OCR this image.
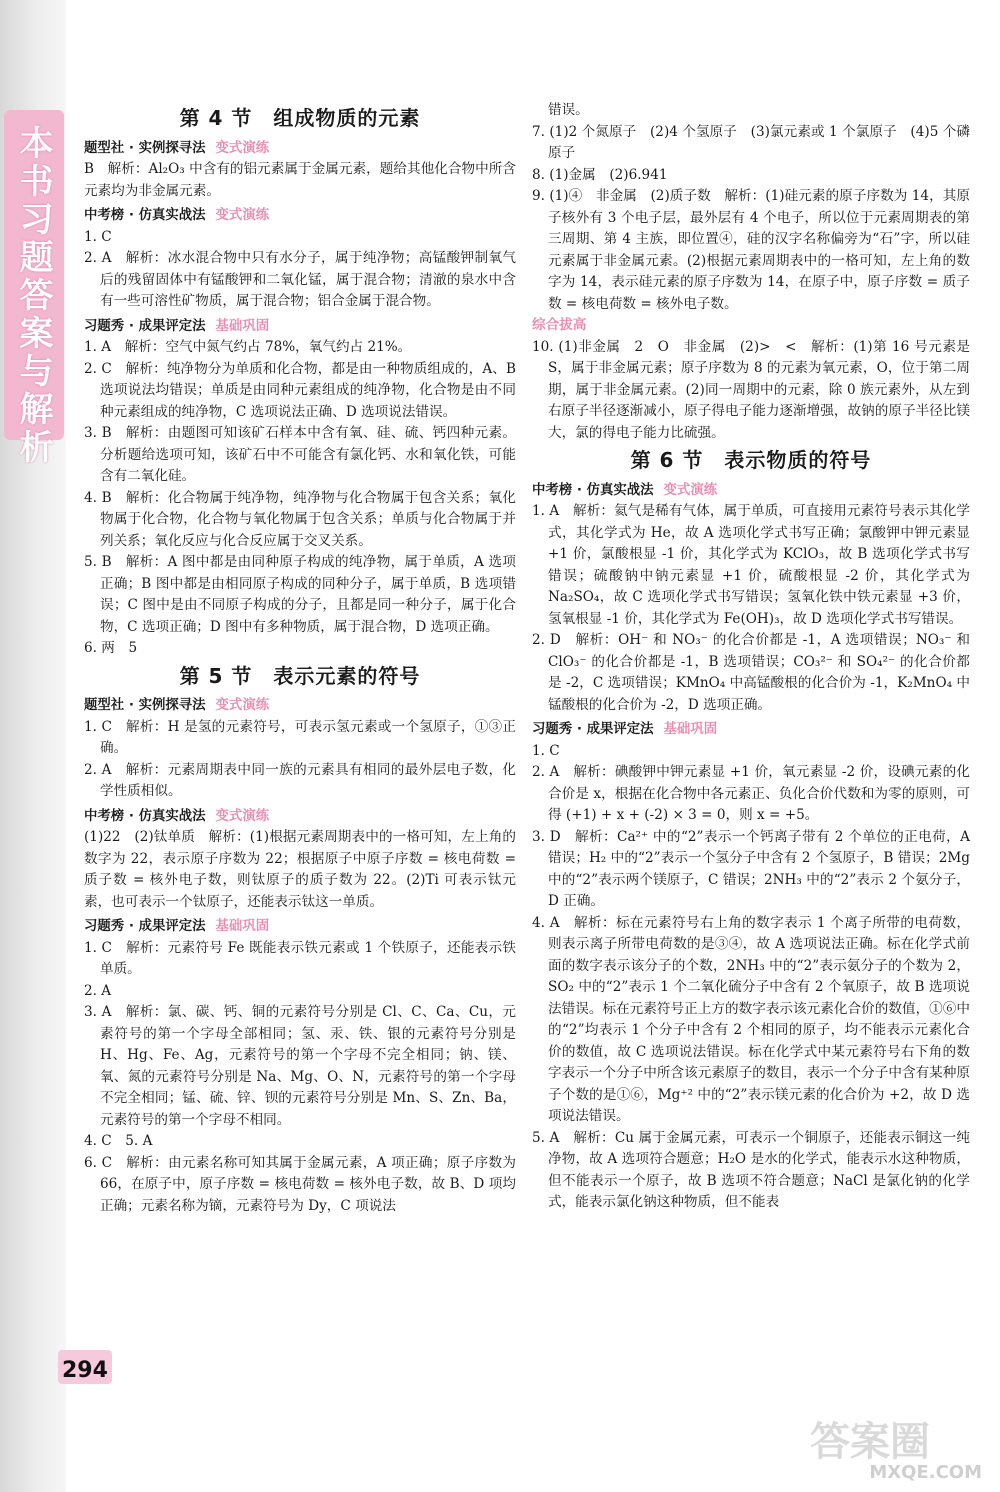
本书习题答案与解析
294
第 4 节　组成物质的元素
题型社 · 实例探寻法 变式演练

B　解析：Al₂O₃ 中含有的铝元素属于金属元素，题给其他化合物中所含元素均为非金属元素。

中考榜 · 仿真实战法 变式演练

1. C

2. A　解析：冰水混合物中只有水分子，属于纯净物；高锰酸钾制氧气后的残留固体中有锰酸钾和二氧化锰，属于混合物；清澈的泉水中含有一些可溶性矿物质，属于混合物；铝合金属于混合物。

习题秀 · 成果评定法 基础巩固

1. A　解析：空气中氮气约占 78%，氧气约占 21%。

2. C　解析：纯净物分为单质和化合物，都是由一种物质组成的，A、B 选项说法均错误；单质是由同种元素组成的纯净物，化合物是由不同种元素组成的纯净物，C 选项说法正确、D 选项说法错误。

3. B　解析：由题图可知该矿石样本中含有氧、硅、硫、钙四种元素。分析题给选项可知，该矿石中不可能含有氯化钙、水和氧化铁，可能含有二氧化硅。

4. B　解析：化合物属于纯净物，纯净物与化合物属于包含关系；氧化物属于化合物，化合物与氧化物属于包含关系；单质与化合物属于并列关系；氧化反应与化合反应属于交叉关系。

5. B　解析：A 图中都是由同种原子构成的纯净物，属于单质，A 选项正确；B 图中都是由相同原子构成的同种分子，属于单质，B 选项错误；C 图中是由不同原子构成的分子，且都是同一种分子，属于化合物，C 选项正确；D 图中有多种物质，属于混合物，D 选项正确。

6. 两　5

第 5 节　表示元素的符号
题型社 · 实例探寻法 变式演练

1. C　解析：H 是氢的元素符号，可表示氢元素或一个氢原子，①③正确。

2. A　解析：元素周期表中同一族的元素具有相同的最外层电子数，化学性质相似。

中考榜 · 仿真实战法 变式演练

(1)22　(2)钛单质　解析：(1)根据元素周期表中的一格可知，左上角的数字为 22，表示原子序数为 22；根据原子中原子序数 = 核电荷数 = 质子数 = 核外电子数，则钛原子的质子数为 22。(2)Ti 可表示钛元素，也可表示一个钛原子，还能表示钛这一单质。

习题秀 · 成果评定法 基础巩固

1. C　解析：元素符号 Fe 既能表示铁元素或 1 个铁原子，还能表示铁单质。

2. A

3. A　解析：氯、碳、钙、铜的元素符号分别是 Cl、C、Ca、Cu，元素符号的第一个字母全部相同；氢、汞、铁、银的元素符号分别是 H、Hg、Fe、Ag，元素符号的第一个字母不完全相同；钠、镁、氧、氮的元素符号分别是 Na、Mg、O、N，元素符号的第一个字母不完全相同；锰、硫、锌、钡的元素符号分别是 Mn、S、Zn、Ba，元素符号的第一个字母不相同。

4. C　5. A

6. C　解析：由元素名称可知其属于金属元素，A 项正确；原子序数为 66，在原子中，原子序数 = 核电荷数 = 核外电子数，故 B、D 项均正确；元素名称为镝，元素符号为 Dy，C 项说法

错误。

7. (1)2 个氮原子　(2)4 个氢原子　(3)氯元素或 1 个氯原子　(4)5 个磷原子

8. (1)金属　(2)6.941

9. (1)④　非金属　(2)质子数　解析：(1)硅元素的原子序数为 14，其原子核外有 3 个电子层，最外层有 4 个电子，所以位于元素周期表的第三周期、第 4 主族，即位置④，硅的汉字名称偏旁为“石”字，所以硅元素属于非金属元素。(2)根据元素周期表中的一格可知，左上角的数字为 14，表示硅元素的原子序数为 14，在原子中，原子序数 = 质子数 = 核电荷数 = 核外电子数。

综合拔高

10. (1)非金属　2　O　非金属　(2)>　<　解析：(1)第 16 号元素是 S，属于非金属元素；原子序数为 8 的元素为氧元素，O，位于第二周期，属于非金属元素。(2)同一周期中的元素，除 0 族元素外，从左到右原子半径逐渐减小，原子得电子能力逐渐增强，故钠的原子半径比镁大，氯的得电子能力比硫强。

第 6 节　表示物质的符号
中考榜 · 仿真实战法 变式演练

1. A　解析：氦气是稀有气体，属于单质，可直接用元素符号表示其化学式，其化学式为 He，故 A 选项化学式书写正确；氯酸钾中钾元素显 +1 价，氯酸根显 -1 价，其化学式为 KClO₃，故 B 选项化学式书写错误；硫酸钠中钠元素显 +1 价，硫酸根显 -2 价，其化学式为 Na₂SO₄，故 C 选项化学式书写错误；氢氧化铁中铁元素显 +3 价，氢氧根显 -1 价，其化学式为 Fe(OH)₃，故 D 选项化学式书写错误。

2. D　解析：OH⁻ 和 NO₃⁻ 的化合价都是 -1，A 选项错误；NO₃⁻ 和 ClO₃⁻ 的化合价都是 -1，B 选项错误；CO₃²⁻ 和 SO₄²⁻ 的化合价都是 -2，C 选项错误；KMnO₄ 中高锰酸根的化合价为 -1，K₂MnO₄ 中锰酸根的化合价为 -2，D 选项正确。

习题秀 · 成果评定法 基础巩固

1. C

2. A　解析：碘酸钾中钾元素显 +1 价，氧元素显 -2 价，设碘元素的化合价是 x，根据在化合物中各元素正、负化合价代数和为零的原则，可得 (+1) + x + (-2) × 3 = 0，则 x = +5。

3. D　解析：Ca²⁺ 中的“2”表示一个钙离子带有 2 个单位的正电荷，A 错误；H₂ 中的“2”表示一个氢分子中含有 2 个氢原子，B 错误；2Mg 中的“2”表示两个镁原子，C 错误；2NH₃ 中的“2”表示 2 个氨分子，D 正确。

4. A　解析：标在元素符号右上角的数字表示 1 个离子所带的电荷数，则表示离子所带电荷数的是③④，故 A 选项说法正确。标在化学式前面的数字表示该分子的个数，2NH₃ 中的“2”表示氨分子的个数为 2，SO₂ 中的“2”表示 1 个二氧化硫分子中含有 2 个氧原子，故 B 选项说法错误。标在元素符号正上方的数字表示该元素化合价的数值，①⑥中的“2”均表示 1 个分子中含有 2 个相同的原子，均不能表示元素化合价的数值，故 C 选项说法错误。标在化学式中某元素符号右下角的数字表示一个分子中所含该元素原子的数目，表示一个分子中含有某种原子个数的是①⑥，Mg⁺² 中的“2”表示镁元素的化合价为 +2，故 D 选项说法错误。

5. A　解析：Cu 属于金属元素，可表示一个铜原子，还能表示铜这一纯净物，故 A 选项符合题意；H₂O 是水的化学式，能表示水这种物质，但不能表示一个原子，故 B 选项不符合题意；NaCl 是氯化钠的化学式，能表示氯化钠这种物质，但不能表

答案圈
MXQE.COM
